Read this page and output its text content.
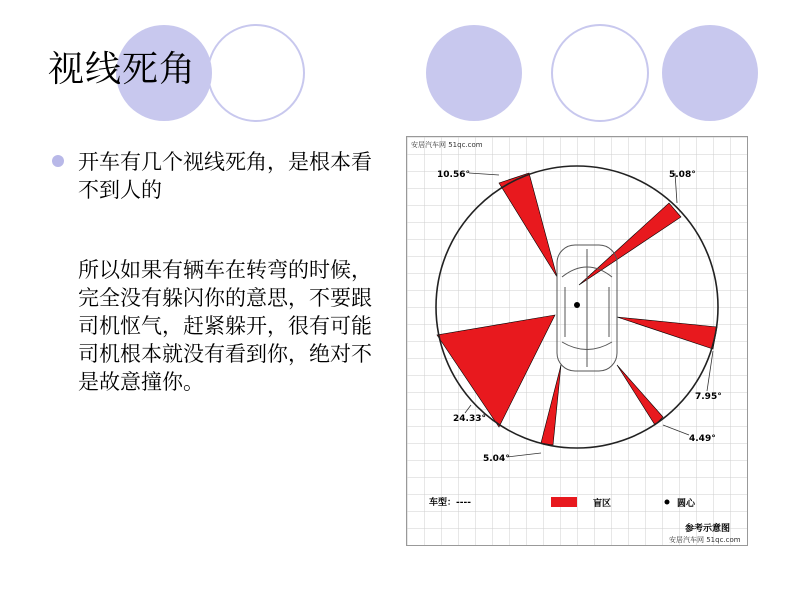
视线死角
开车有几个视线死角，是根本看不到人的
所以如果有辆车在转弯的时候，完全没有躲闪你的意思，不要跟司机怄气，赶紧躲开，很有可能司机根本就没有看到你，绝对不是故意撞你。
安居汽车网 51qc.com
10.56°	5.08°
7.95°
24.33°
5.04°
4.49°
车型：----	盲区	圆心
参考示意图
安居汽车网 51qc.com
